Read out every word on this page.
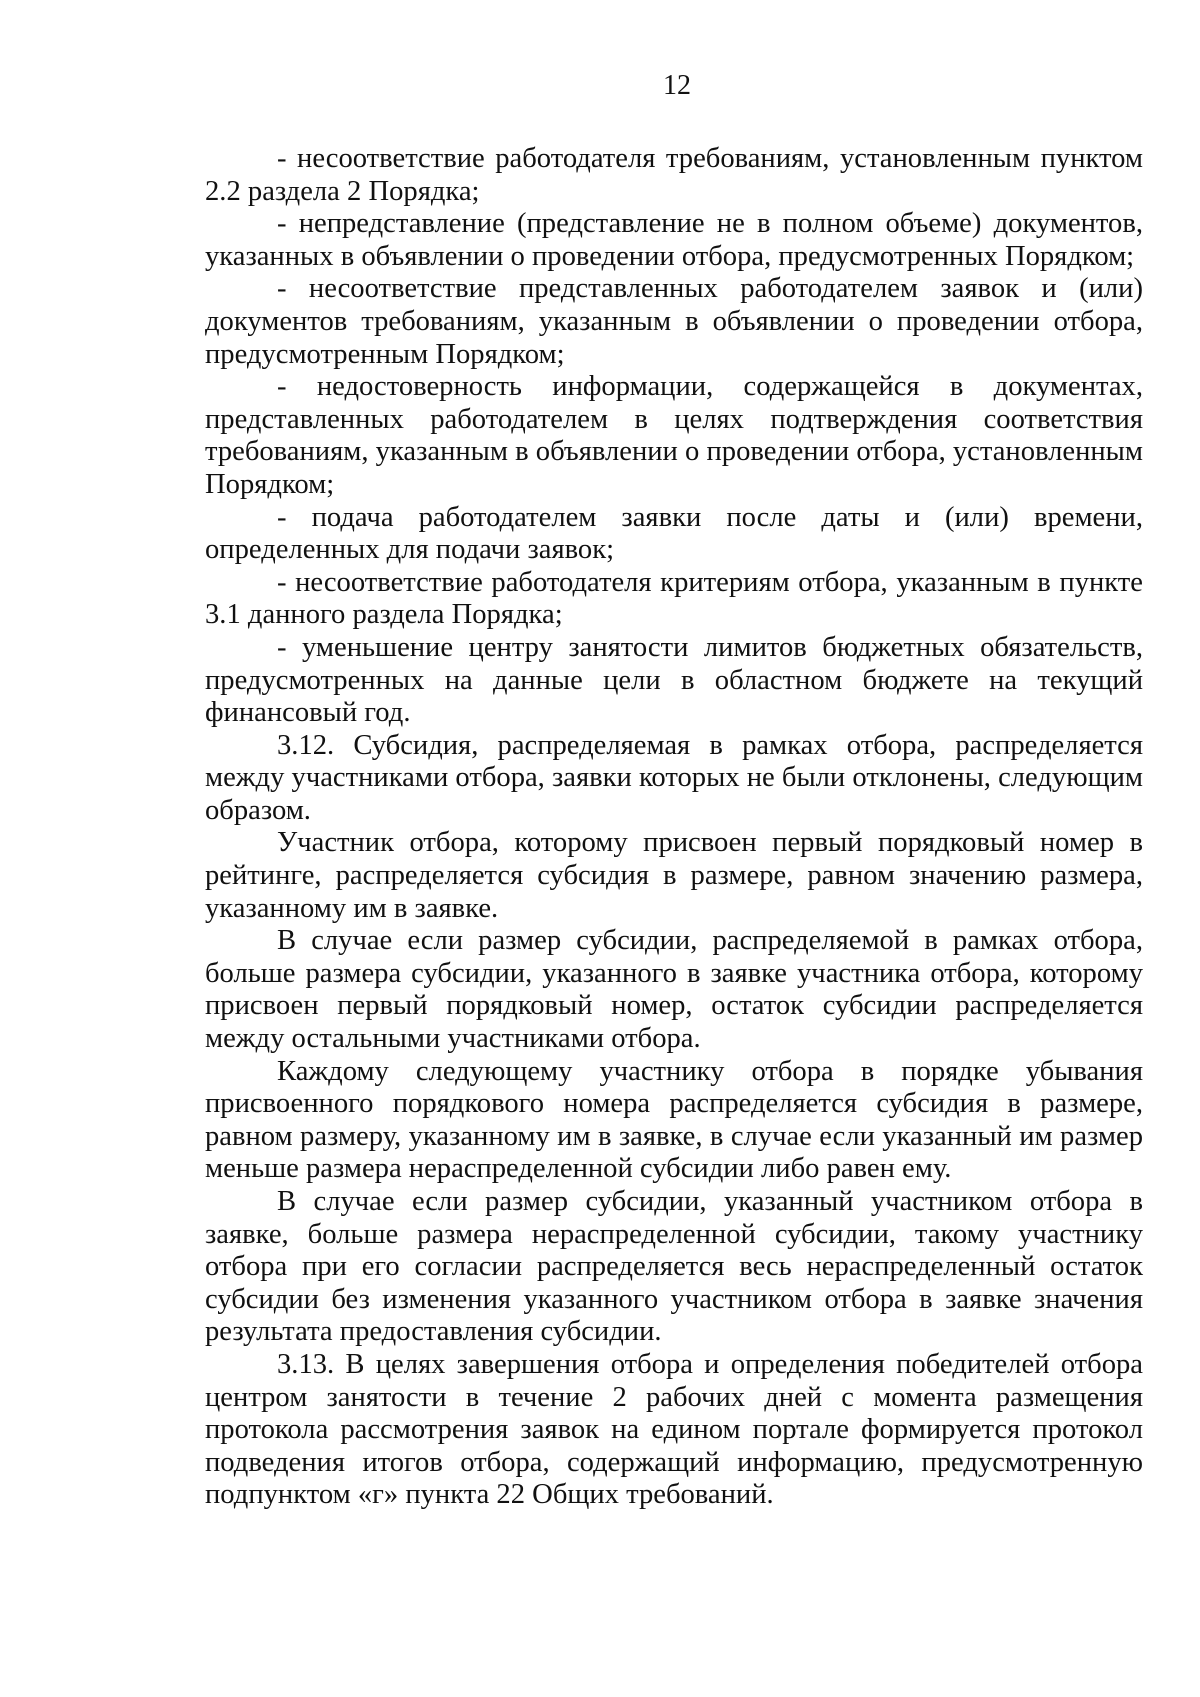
12

- несоответствие работодателя требованиям, установленным пунктом 2.2 раздела 2 Порядка;

- непредставление (представление не в полном объеме) документов, указанных в объявлении о проведении отбора, предусмотренных Порядком;

- несоответствие представленных работодателем заявок и (или) документов требованиям, указанным в объявлении о проведении отбора, предусмотренным Порядком;

- недостоверность информации, содержащейся в документах, представленных работодателем в целях подтверждения соответствия требованиям, указанным в объявлении о проведении отбора, установленным Порядком;

- подача работодателем заявки после даты и (или) времени, определенных для подачи заявок;

- несоответствие работодателя критериям отбора, указанным в пункте 3.1 данного раздела Порядка;

- уменьшение центру занятости лимитов бюджетных обязательств, предусмотренных на данные цели в областном бюджете на текущий финансовый год.

3.12. Субсидия, распределяемая в рамках отбора, распределяется между участниками отбора, заявки которых не были отклонены, следующим образом.

Участник отбора, которому присвоен первый порядковый номер в рейтинге, распределяется субсидия в размере, равном значению размера, указанному им в заявке.

В случае если размер субсидии, распределяемой в рамках отбора, больше размера субсидии, указанного в заявке участника отбора, которому присвоен первый порядковый номер, остаток субсидии распределяется между остальными участниками отбора.

Каждому следующему участнику отбора в порядке убывания присвоенного порядкового номера распределяется субсидия в размере, равном размеру, указанному им в заявке, в случае если указанный им размер меньше размера нераспределенной субсидии либо равен ему.

В случае если размер субсидии, указанный участником отбора в заявке, больше размера нераспределенной субсидии, такому участнику отбора при его согласии распределяется весь нераспределенный остаток субсидии без изменения указанного участником отбора в заявке значения результата предоставления субсидии.

3.13. В целях завершения отбора и определения победителей отбора центром занятости в течение 2 рабочих дней с момента размещения протокола рассмотрения заявок на едином портале формируется протокол подведения итогов отбора, содержащий информацию, предусмотренную подпунктом «г» пункта 22 Общих требований.
